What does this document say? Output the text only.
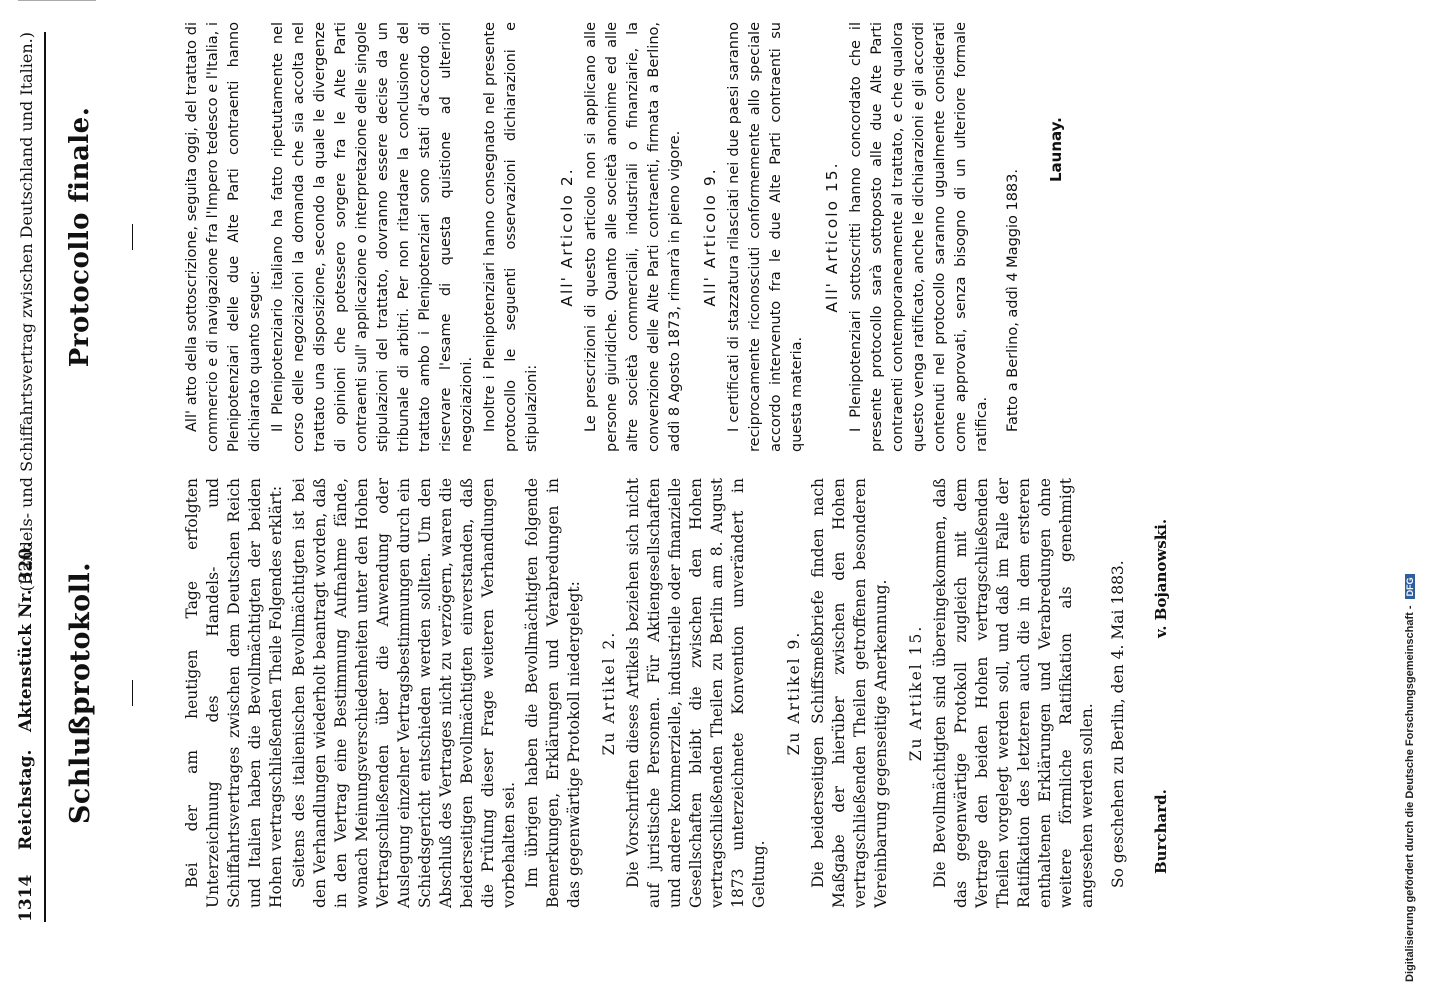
1314
Reichstag.
Aktenstück Nr. 320.
(Handels- und Schiffahrtsvertrag zwischen Deutschland und Italien.)
Schlußprotokoll.	Bei der am heutigen Tage erfolgten Unterzeichnung des Handels- und Schiffahrtsvertrages zwischen dem Deutschen Reich und Italien haben die Bevollmächtigten der beiden Hohen vertragschließenden Theile Folgendes erklärt: Seitens des italienischen Bevollmächtigten ist bei den Verhandlungen wiederholt beantragt worden, daß in den Vertrag eine Bestimmung Aufnahme fände, wonach Meinungsverschiedenheiten unter den Hohen Vertragschließenden über die Anwendung oder Auslegung einzelner Vertragsbestimmungen durch ein Schiedsgericht entschieden werden sollten. Um den Abschluß des Vertrages nicht zu verzögern, waren die beiderseitigen Bevollmächtigten einverstanden, daß die Prüfung dieser Frage weiteren Verhandlungen vorbehalten sei. Im übrigen haben die Bevollmächtigten folgende Bemerkungen, Erklärungen und Verabredungen in das gegenwärtige Protokoll niedergelegt: Zu Artikel 2. Die Vorschriften dieses Artikels beziehen sich nicht auf juristische Personen. Für Aktiengesellschaften und andere kommerzielle, industrielle oder finanzielle Gesellschaften bleibt die zwischen den Hohen vertragschließenden Theilen zu Berlin am 8. August 1873 unterzeichnete Konvention unverändert in Geltung.

Zu Artikel 9. Die beiderseitigen Schiffsmeßbriefe finden nach Maßgabe der hierüber zwischen den Hohen vertragschließenden Theilen getroffenen besonderen Vereinbarung gegenseitige Anerkennung. Zu Artikel 15. Die Bevollmächtigten sind übereingekommen, daß das gegenwärtige Protokoll zugleich mit dem Vertrage den beiden Hohen vertragschließenden Theilen vorgelegt werden soll, und daß im Falle der Ratifikation des letzteren auch die in dem ersteren enthaltenen Erklärungen und Verabredungen ohne weitere förmliche Ratifikation als genehmigt angesehen werden sollen. So geschehen zu Berlin, den 4. Mai 1883. Burchard.
v. Bojanowski.
Protocollo finale.	All' atto della sottoscrizione, seguita oggi, del trattato di commercio e di navigazione fra l'Impero tedesco e l'Italia, i Plenipotenziari delle due Alte Parti contraenti hanno dichiarato quanto segue: Il Plenipotenziario italiano ha fatto ripetutamente nel corso delle negoziazioni la domanda che sia accolta nel trattato una disposizione, secondo la quale le divergenze di opinioni che potessero sorgere fra le Alte Parti contraenti sull' applicazione o interpretazione delle singole stipulazioni del trattato, dovranno essere decise da un tribunale di arbitri. Per non ritardare la conclusione del trattato ambo i Plenipotenziari sono stati d'accordo di riservare l'esame di questa quistione ad ulteriori negoziazioni. Inoltre i Plenipotenziari hanno consegnato nel presente protocollo le seguenti osservazioni dichiarazioni e stipulazioni:

All' Articolo 2. Le prescrizioni di questo articolo non si applicano alle persone giuridiche. Quanto alle società anonime ed alle altre società commerciali, industriali o finanziarie, la convenzione delle Alte Parti contraenti, firmata a Berlino, addì 8 Agosto 1873, rimarrà in pieno vigore. All' Articolo 9. I certificati di stazzatura rilasciati nei due paesi saranno reciprocamente riconosciuti conformemente allo speciale accordo intervenuto fra le due Alte Parti contraenti su questa materia.

All' Articolo 15. I Plenipotenziari sottoscritti hanno concordato che il presente protocollo sarà sottoposto alle due Alte Parti contraenti contemporaneamente al trattato, e che qualora questo venga ratificato, anche le dichiarazioni e gli accordi contenuti nel protocollo saranno ugualmente considerati come approvati, senza bisogno di un ulteriore formale ratifica. Fatto a Berlino, addì 4 Maggio 1883.

Launay.
Digitalisierung gefördert durch die Deutsche Forschungsgemeinschaft - DFG
